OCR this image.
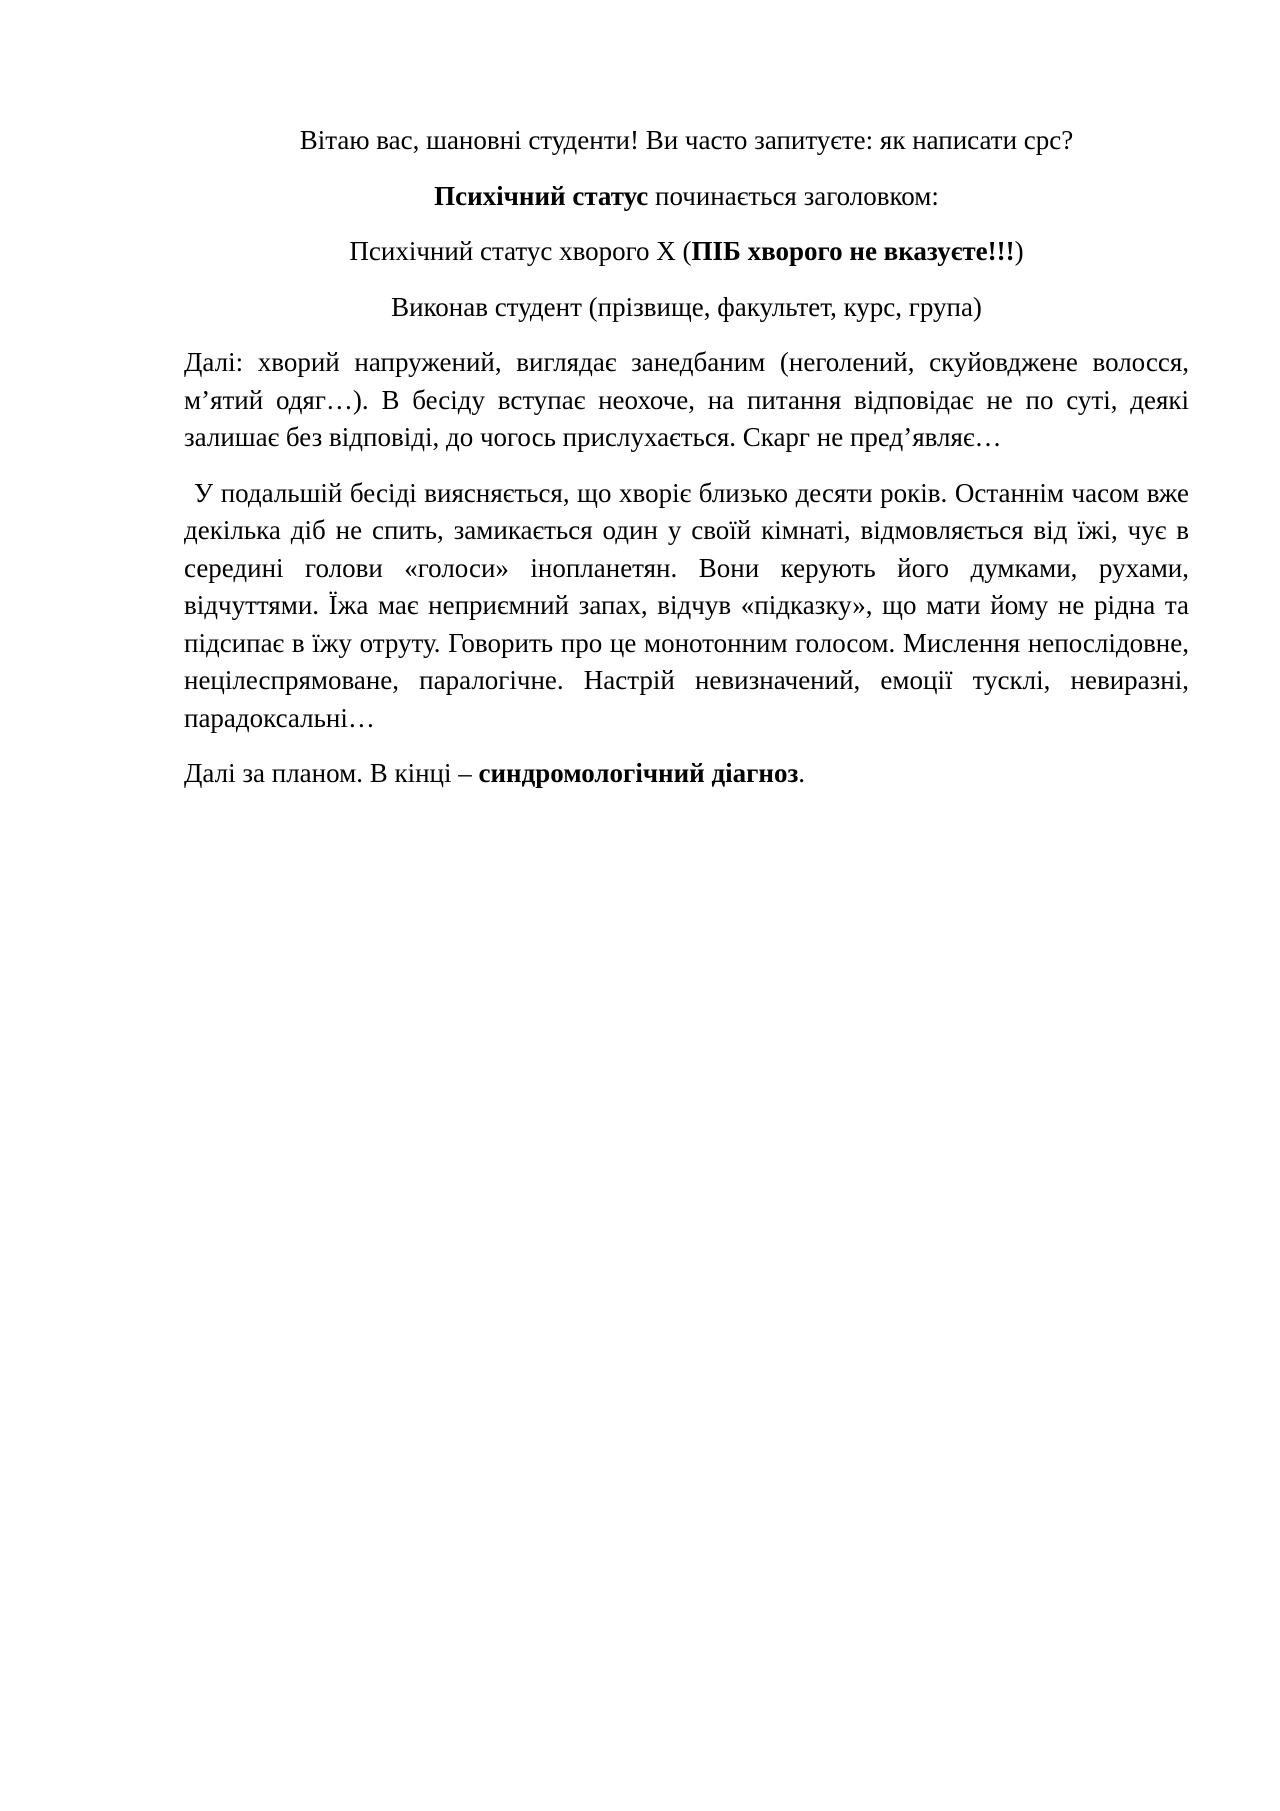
Вітаю вас, шановні студенти! Ви часто запитуєте: як написати срс?

Психічний статус починається заголовком:

Психічний статус хворого Х (ПІБ хворого не вказуєте!!!)

Виконав студент (прізвище, факультет, курс, група)

Далі: хворий напружений, виглядає занедбаним (неголений, скуйовджене волосся, м’ятий одяг…). В бесіду вступає неохоче, на питання відповідає не по суті, деякі залишає без відповіді, до чогось прислухається. Скарг не пред’являє…

У подальшій бесіді виясняється, що хворіє близько десяти років. Останнім часом вже декілька діб не спить, замикається один у своїй кімнаті, відмовляється від їжі, чує в середині голови «голоси» інопланетян. Вони керують його думками, рухами, відчуттями. Їжа має неприємний запах, відчув «підказку», що мати йому не рідна та підсипає в їжу отруту. Говорить про це монотонним голосом. Мислення непослідовне, нецілеспрямоване, паралогічне. Настрій невизначений, емоції тусклі, невиразні, парадоксальні…

Далі за планом. В кінці – синдромологічний діагноз.
